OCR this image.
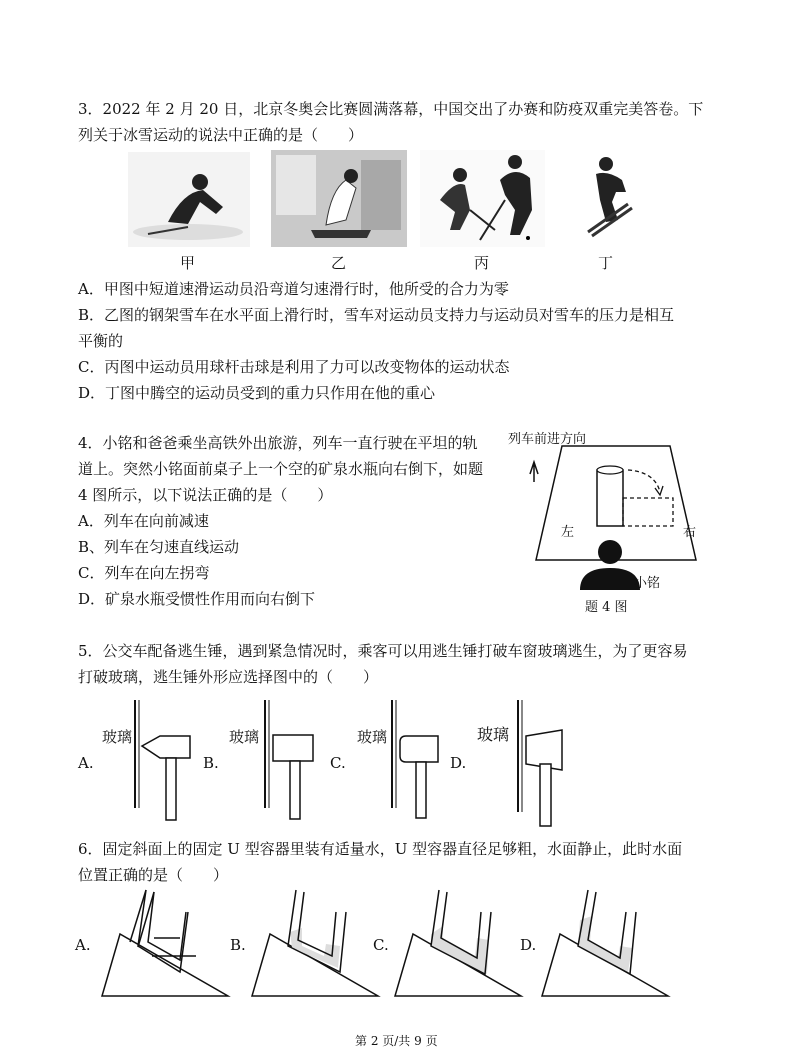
3．2022 年 2 月 20 日，北京冬奥会比赛圆满落幕，中国交出了办赛和防疫双重完美答卷。下

列关于冰雪运动的说法中正确的是（　　）

甲	乙	丙	丁

A．甲图中短道速滑运动员沿弯道匀速滑行时，他所受的合力为零

B．乙图的钢架雪车在水平面上滑行时，雪车对运动员支持力与运动员对雪车的压力是相互

平衡的

C．丙图中运动员用球杆击球是利用了力可以改变物体的运动状态

D．丁图中腾空的运动员受到的重力只作用在他的重心

4．小铭和爸爸乘坐高铁外出旅游，列车一直行驶在平坦的轨

道上。突然小铭面前桌子上一个空的矿泉水瓶向右倒下，如题

4 图所示，以下说法正确的是（　　）

A．列车在向前减速

B、列车在匀速直线运动

C．列车在向左拐弯

D．矿泉水瓶受惯性作用而向右倒下

列车前进方向
左	右
小铭
题 4 图

5．公交车配备逃生锤，遇到紧急情况时，乘客可以用逃生锤打破车窗玻璃逃生，为了更容易

打破玻璃，逃生锤外形应选择图中的（　　）

A.
玻璃
B.
玻璃
C.
玻璃
D.
玻璃

6．固定斜面上的固定 U 型容器里装有适量水，U 型容器直径足够粗，水面静止，此时水面

位置正确的是（　　）

A.	B.	C.	D.
第 2 页/共 9 页
